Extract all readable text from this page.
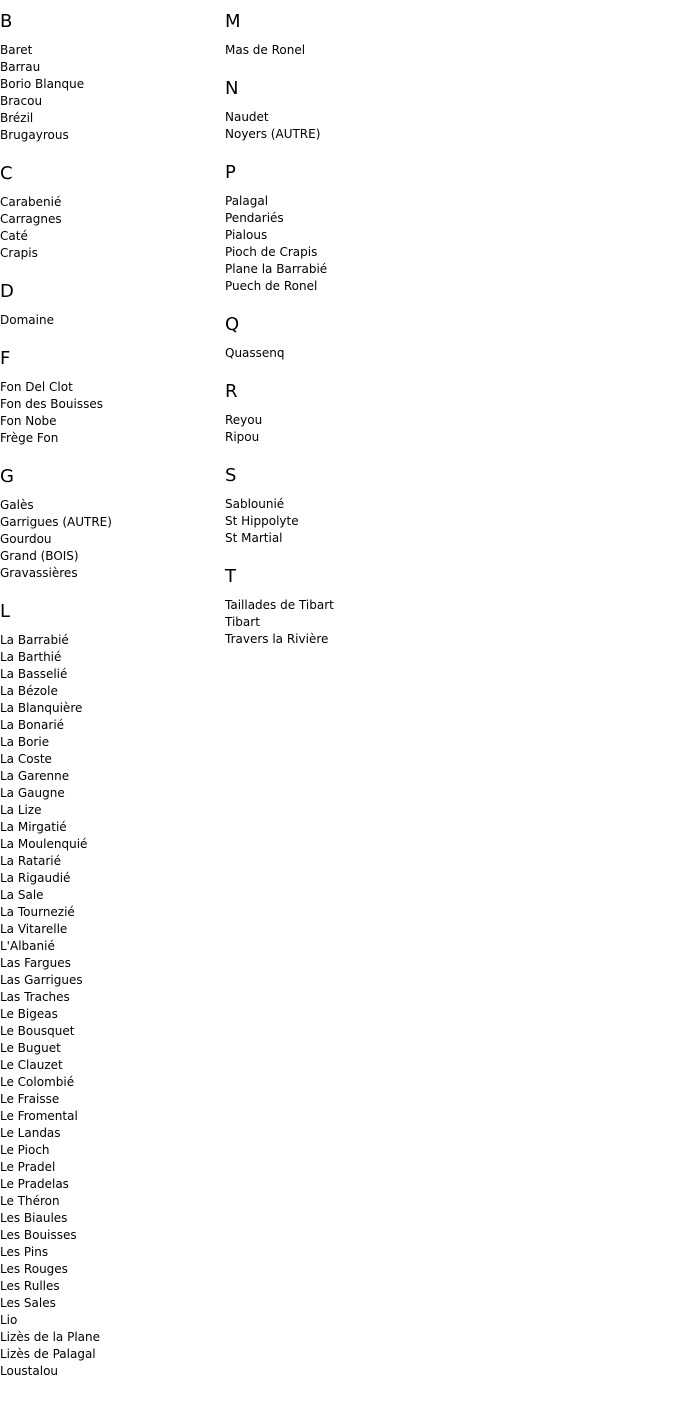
B
Baret
Barrau
Borio Blanque
Bracou
Brézil
Brugayrous
C
Carabenié
Carragnes
Caté
Crapis
D
Domaine
F
Fon Del Clot
Fon des Bouisses
Fon Nobe
Frège Fon
G
Galès
Garrigues (AUTRE)
Gourdou
Grand (BOIS)
Gravassières
L
La Barrabié
La Barthié
La Basselié
La Bézole
La Blanquière
La Bonarié
La Borie
La Coste
La Garenne
La Gaugne
La Lize
La Mirgatié
La Moulenquié
La Ratarié
La Rigaudié
La Sale
La Tournezié
La Vitarelle
L'Albanié
Las Fargues
Las Garrigues
Las Traches
Le Bigeas
Le Bousquet
Le Buguet
Le Clauzet
Le Colombié
Le Fraisse
Le Fromental
Le Landas
Le Pioch
Le Pradel
Le Pradelas
Le Théron
Les Biaules
Les Bouisses
Les Pins
Les Rouges
Les Rulles
Les Sales
Lio
Lizès de la Plane
Lizès de Palagal
Loustalou
M
Mas de Ronel
N
Naudet
Noyers (AUTRE)
P
Palagal
Pendariés
Pialous
Pioch de Crapis
Plane la Barrabié
Puech de Ronel
Q
Quassenq
R
Reyou
Ripou
S
Sablounié
St Hippolyte
St Martial
T
Taillades de Tibart
Tibart
Travers la Rivière
